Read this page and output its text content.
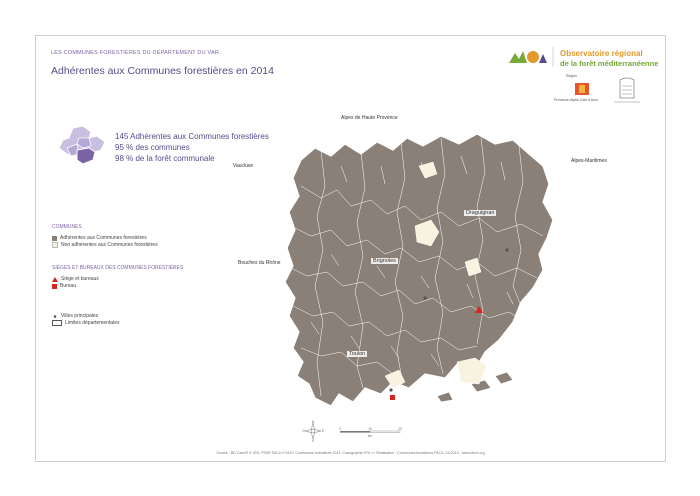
LES COMMUNES FORESTIÈRES DU DÉPARTEMENT DU VAR
Adhérentes aux Communes forestières en 2014
Observatoire régional
de la forêt méditerranéenne
Région
Provence-Alpes-Côte d'Azur
145 Adhérentes aux Communes forestières
95 % des communes
98 % de la forêt communale
COMMUNES
Adhérentes aux Communes forestières
Non adhérentes aux Communes forestières
SIÈGES ET BUREAUX DES COMMUNES FORESTIÈRES
Siège et bureaux
Bureau
Villes principales
Limites départementales
Alpes de Haute Provence
Alpes-Maritimes
Vaucluse
Bouches du Rhône
Draguignan
Brignoles
Toulon
N
S
E
O	0	10	20
km
Source : BD Carto® © IGN, PFAR PACA n°0410. Communes forestières 2014. Cartographie IFN <> Réalisation : Communes forestières PACA, 01/2015 - www.ofme.org
